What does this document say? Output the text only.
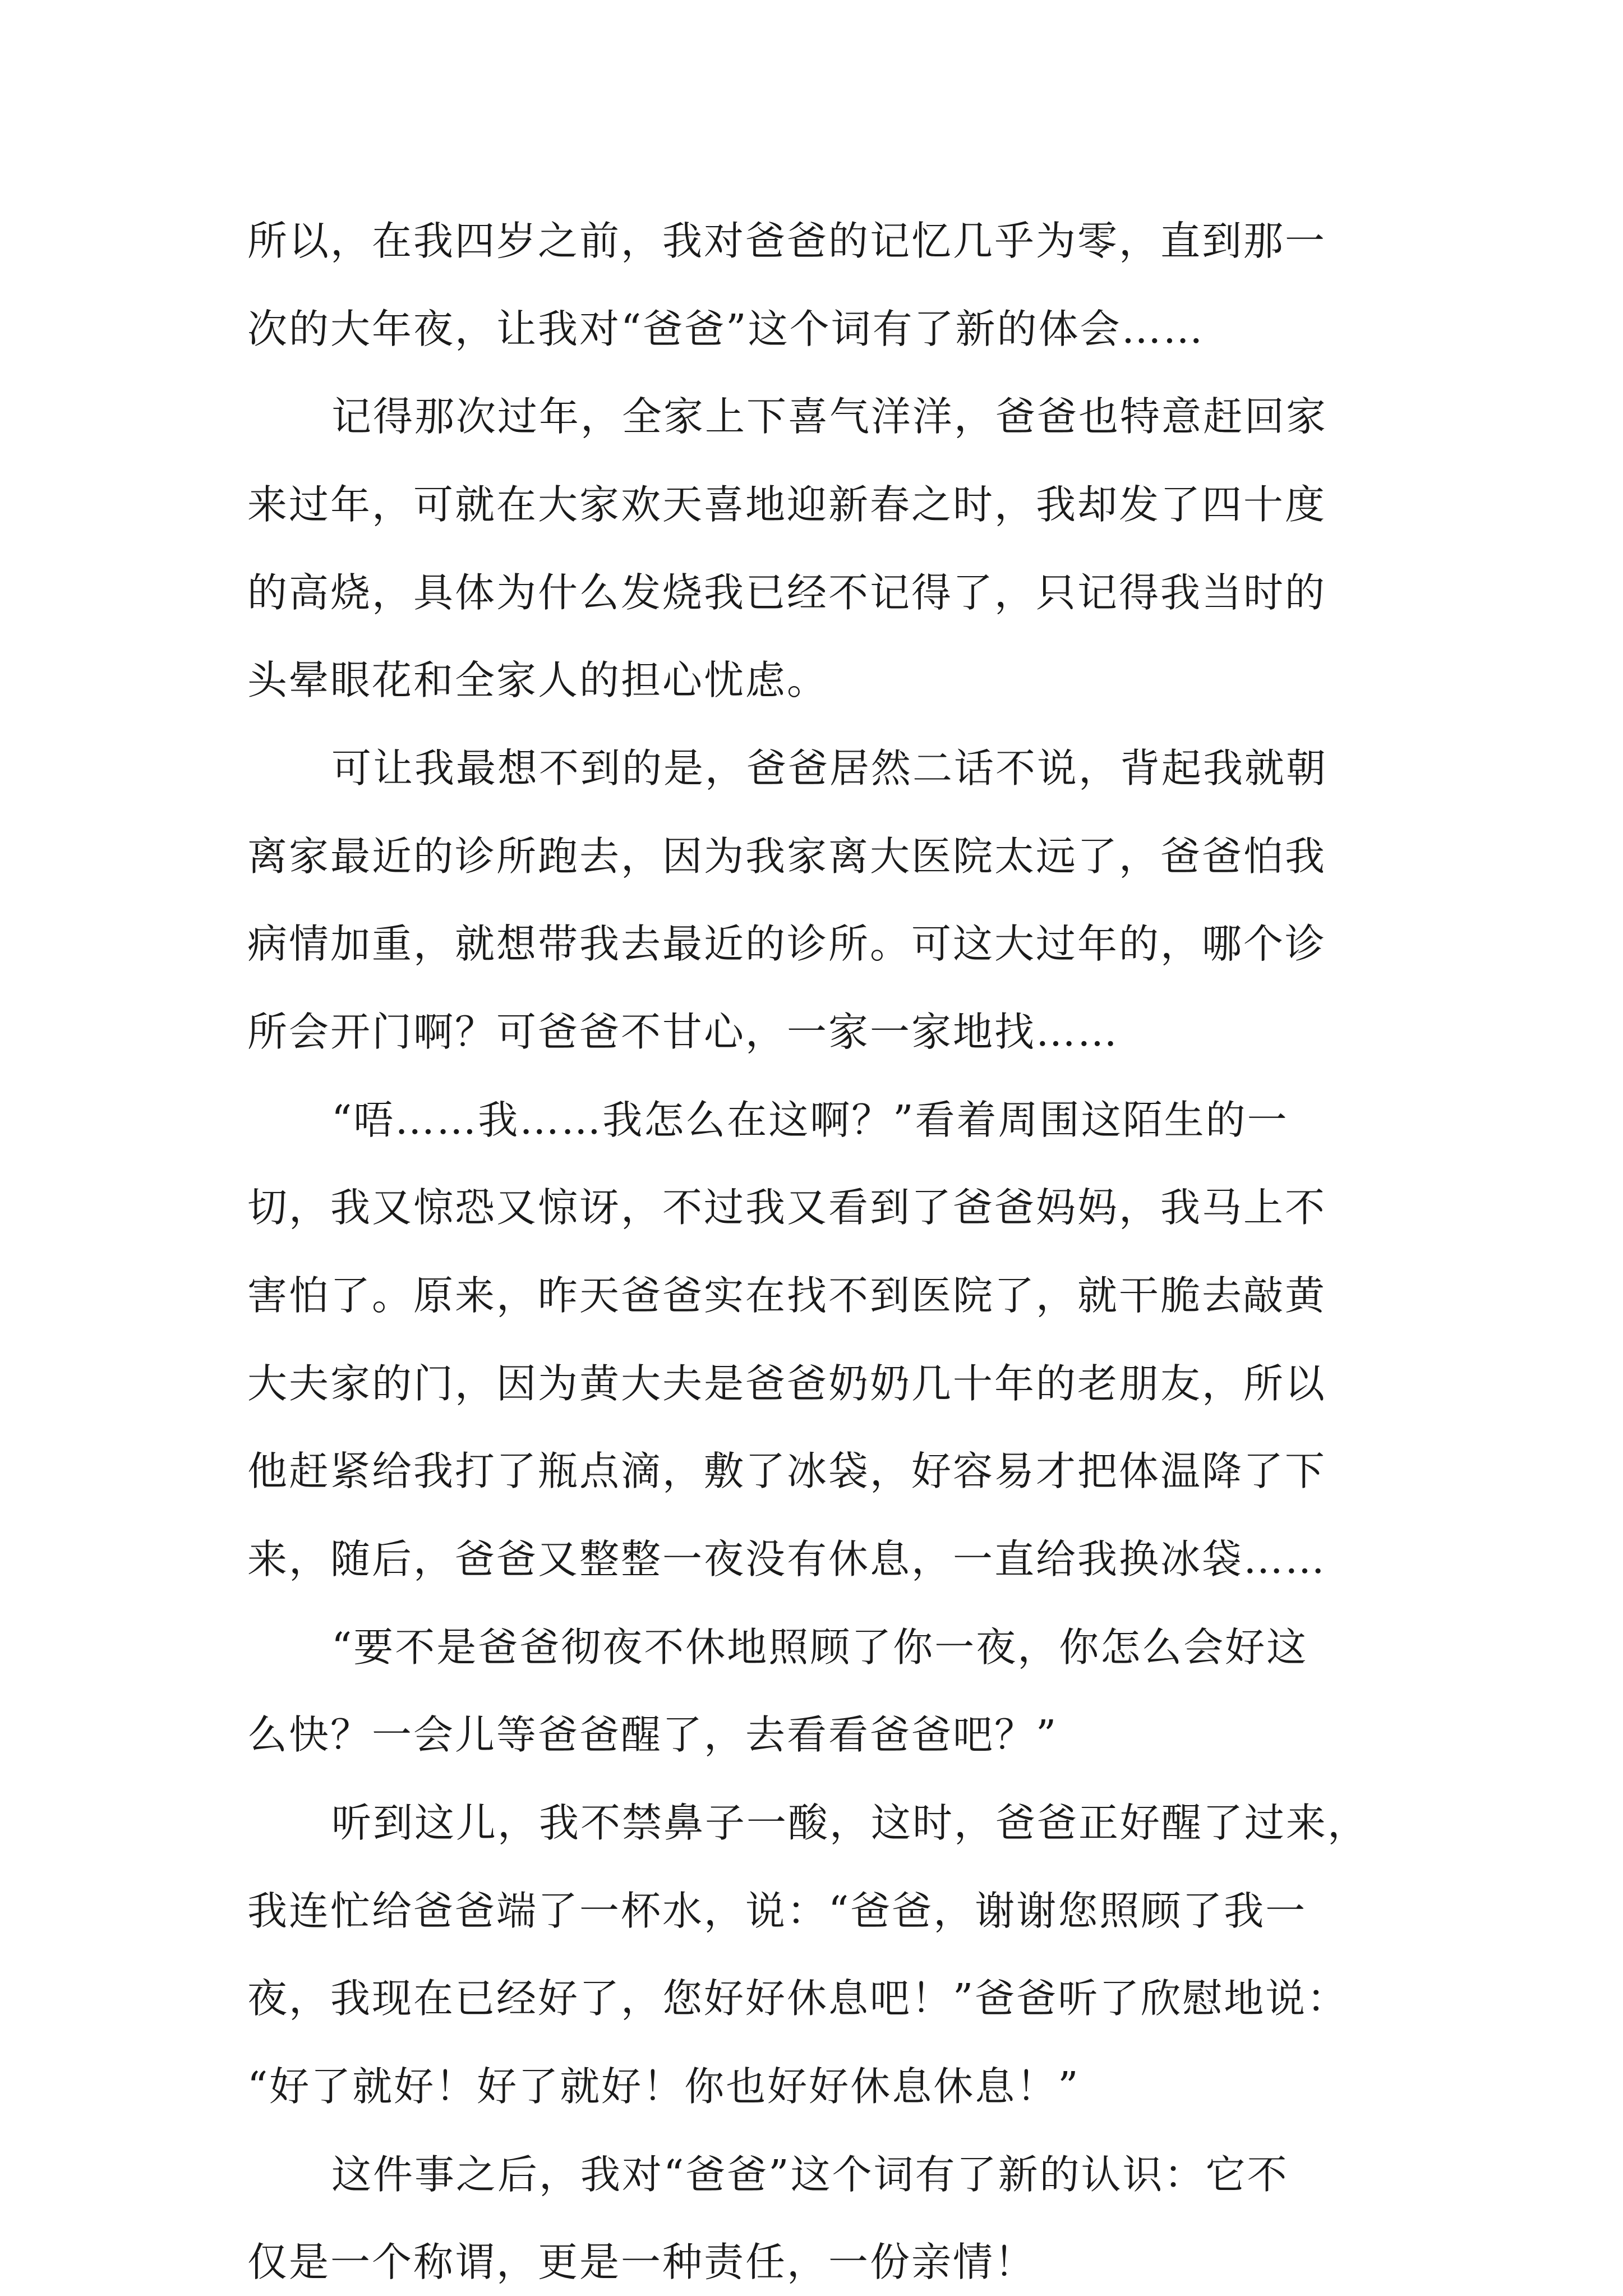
所以，在我四岁之前，我对爸爸的记忆几乎为零，直到那一
次的大年夜，让我对“爸爸”这个词有了新的体会……
记得那次过年，全家上下喜气洋洋，爸爸也特意赶回家
来过年，可就在大家欢天喜地迎新春之时，我却发了四十度
的高烧，具体为什么发烧我已经不记得了，只记得我当时的
头晕眼花和全家人的担心忧虑。
可让我最想不到的是，爸爸居然二话不说，背起我就朝
离家最近的诊所跑去，因为我家离大医院太远了，爸爸怕我
病情加重，就想带我去最近的诊所。可这大过年的，哪个诊
所会开门啊？可爸爸不甘心，一家一家地找……
“唔……我……我怎么在这啊？”看着周围这陌生的一
切，我又惊恐又惊讶，不过我又看到了爸爸妈妈，我马上不
害怕了。原来，昨天爸爸实在找不到医院了，就干脆去敲黄
大夫家的门，因为黄大夫是爸爸奶奶几十年的老朋友，所以
他赶紧给我打了瓶点滴，敷了冰袋，好容易才把体温降了下
来，随后，爸爸又整整一夜没有休息，一直给我换冰袋……
“要不是爸爸彻夜不休地照顾了你一夜，你怎么会好这
么快？一会儿等爸爸醒了，去看看爸爸吧？”
听到这儿，我不禁鼻子一酸，这时，爸爸正好醒了过来，
我连忙给爸爸端了一杯水，说：“爸爸，谢谢您照顾了我一
夜，我现在已经好了，您好好休息吧！”爸爸听了欣慰地说：
“好了就好！好了就好！你也好好休息休息！”
这件事之后，我对“爸爸”这个词有了新的认识：它不
仅是一个称谓，更是一种责任，一份亲情！
